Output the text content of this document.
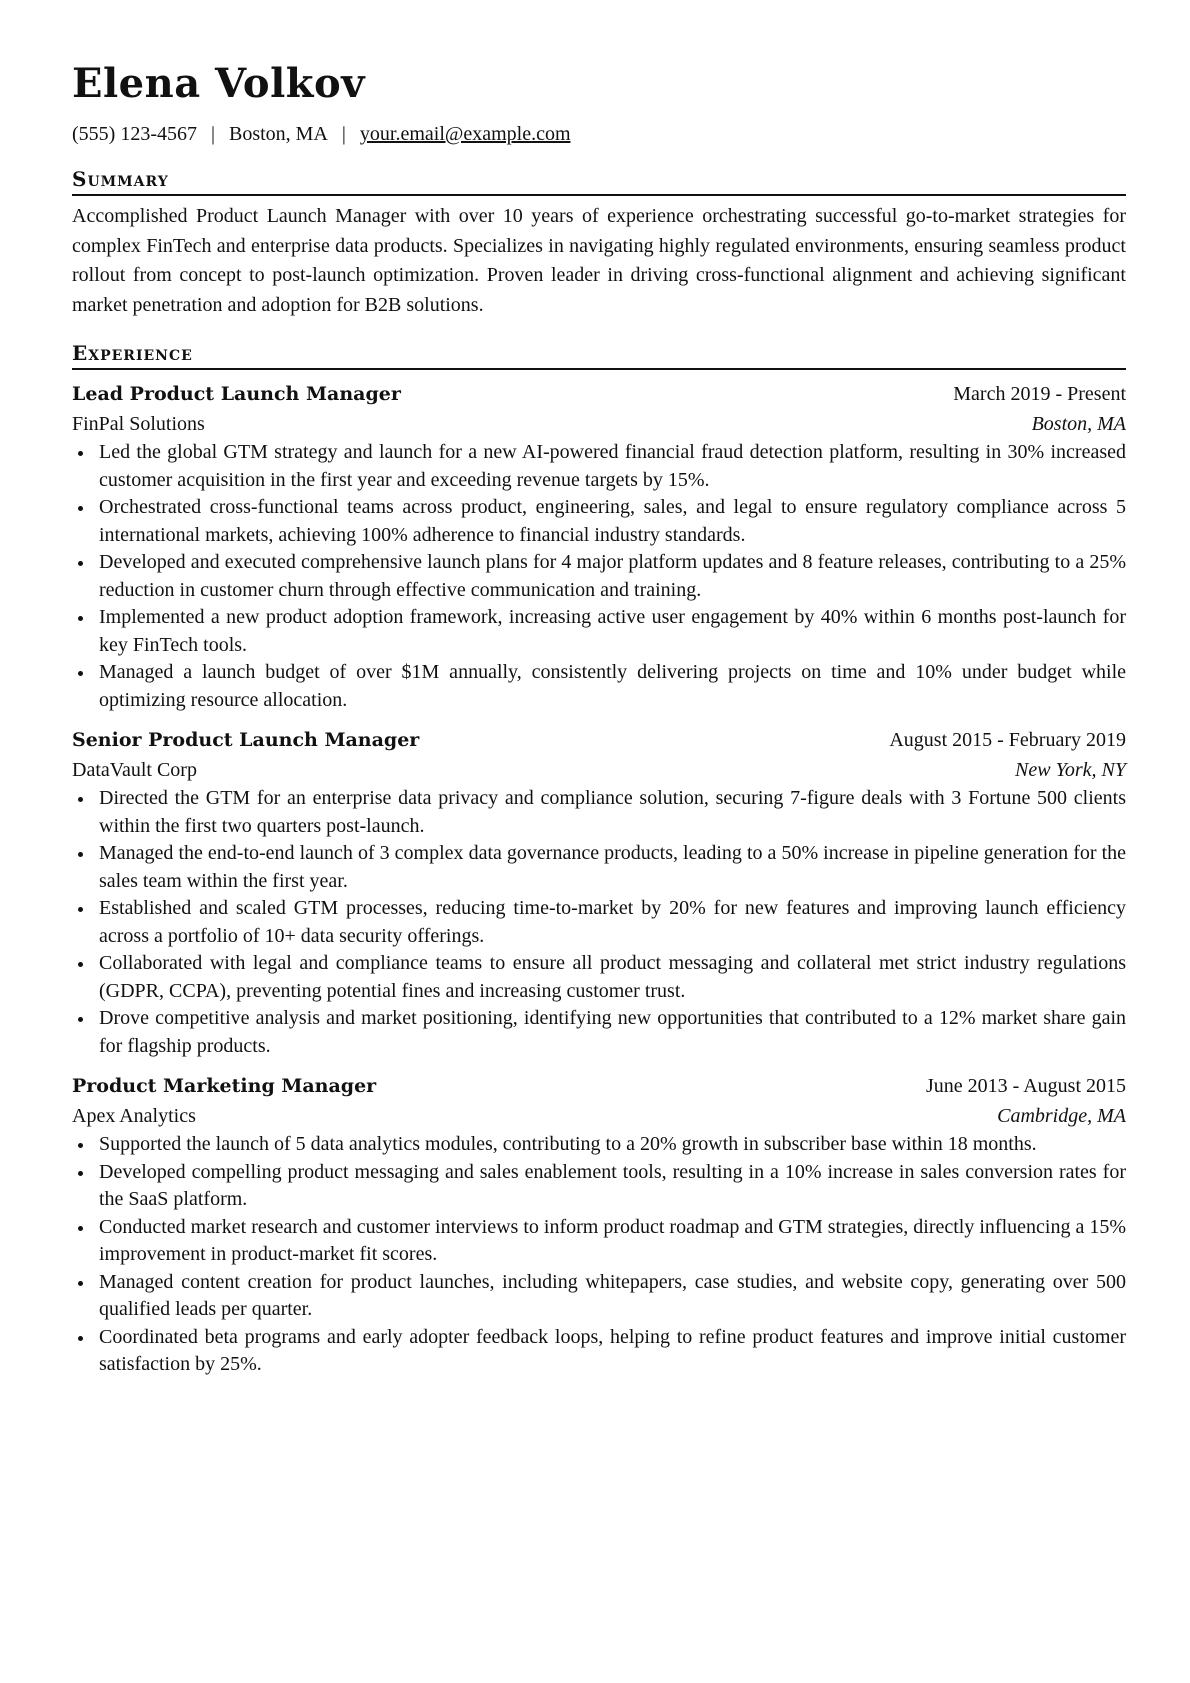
Elena Volkov
(555) 123-4567 | Boston, MA | your.email@example.com
Summary

Accomplished Product Launch Manager with over 10 years of experience orchestrating successful go-to-market strategies for complex FinTech and enterprise data products. Specializes in navigating highly regulated environments, ensuring seamless product rollout from concept to post-launch optimization. Proven leader in driving cross-functional alignment and achieving significant market penetration and adoption for B2B solutions.

Experience
Lead Product Launch Manager	March 2019 - Present
FinPal Solutions	Boston, MA
Led the global GTM strategy and launch for a new AI-powered financial fraud detection platform, resulting in 30% increased customer acquisition in the first year and exceeding revenue targets by 15%.
Orchestrated cross-functional teams across product, engineering, sales, and legal to ensure regulatory compliance across 5 international markets, achieving 100% adherence to financial industry standards.
Developed and executed comprehensive launch plans for 4 major platform updates and 8 feature releases, contributing to a 25% reduction in customer churn through effective communication and training.
Implemented a new product adoption framework, increasing active user engagement by 40% within 6 months post-launch for key FinTech tools.
Managed a launch budget of over $1M annually, consistently delivering projects on time and 10% under budget while optimizing resource allocation.
Senior Product Launch Manager	August 2015 - February 2019
DataVault Corp	New York, NY
Directed the GTM for an enterprise data privacy and compliance solution, securing 7-figure deals with 3 Fortune 500 clients within the first two quarters post-launch.
Managed the end-to-end launch of 3 complex data governance products, leading to a 50% increase in pipeline generation for the sales team within the first year.
Established and scaled GTM processes, reducing time-to-market by 20% for new features and improving launch efficiency across a portfolio of 10+ data security offerings.
Collaborated with legal and compliance teams to ensure all product messaging and collateral met strict industry regulations (GDPR, CCPA), preventing potential fines and increasing customer trust.
Drove competitive analysis and market positioning, identifying new opportunities that contributed to a 12% market share gain for flagship products.
Product Marketing Manager	June 2013 - August 2015
Apex Analytics	Cambridge, MA
Supported the launch of 5 data analytics modules, contributing to a 20% growth in subscriber base within 18 months.
Developed compelling product messaging and sales enablement tools, resulting in a 10% increase in sales conversion rates for the SaaS platform.
Conducted market research and customer interviews to inform product roadmap and GTM strategies, directly influencing a 15% improvement in product-market fit scores.
Managed content creation for product launches, including whitepapers, case studies, and website copy, generating over 500 qualified leads per quarter.
Coordinated beta programs and early adopter feedback loops, helping to refine product features and improve initial customer satisfaction by 25%.
